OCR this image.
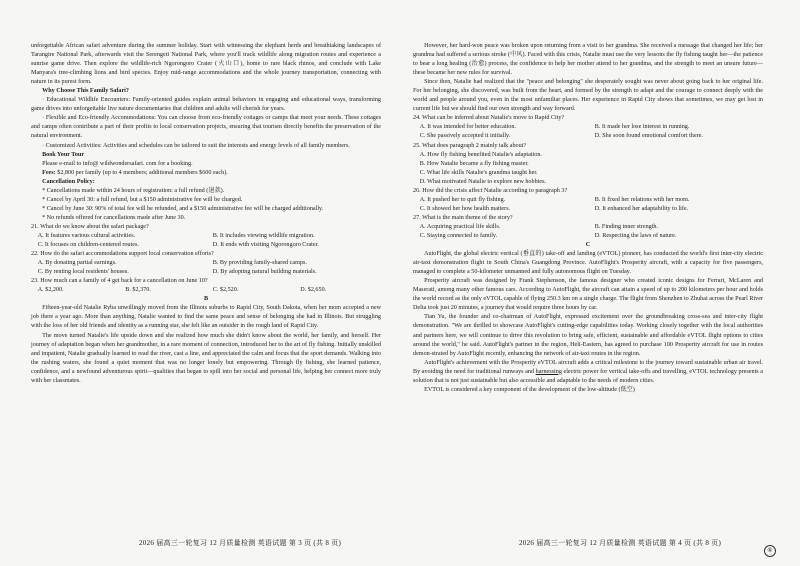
unforgettable African safari adventure during the summer holiday. Start with witnessing the elephant herds and breathtaking landscapes of Tarangire National Park, afterwards visit the Serengeti National Park, where you'll track wildlife along migration routes and experience a sunrise game drive. Then explore the wildlife-rich Ngorongoro Crater (火山口), home to rare black rhinos, and conclude with Lake Manyara's tree-climbing lions and bird species. Enjoy mid-range accommodations and the whole journey transportation, connecting with nature in its purest form.

Why Choose This Family Safari?

· Educational Wildlife Encounters: Family-oriented guides explain animal behaviors in engaging and educational ways, transforming game drives into unforgettable live nature documentaries that children and adults will cherish for years.

· Flexible and Eco-friendly Accommodations: You can choose from eco-friendly cottages or camps that meet your needs. These cottages and camps often contribute a part of their profits to local conservation projects, ensuring that tourism directly benefits the preservation of the natural environment.

· Customized Activities: Activities and schedules can be tailored to suit the interests and energy levels of all family members.

Book Your Tour

Please e-mail to info@ wildwondersafari. com for a booking.

Fees: $2,800 per family (up to 4 members; additional members $600 each).

Cancellation Policy:

* Cancellations made within 24 hours of registration: a full refund (退款).

* Cancel by April 30: a full refund, but a $150 administrative fee will be charged.

* Cancel by June 30: 90% of total fee will be refunded, and a $150 administrative fee will be charged additionally.

* No refunds offered for cancellations made after June 30.

21. What do we know about the safari package?

A. It features various cultural activities.	B. It includes viewing wildlife migration.
C. It focuses on children-centered routes.	D. It ends with visiting Ngorongoro Crater.

22. How do the safari accommodations support local conservation efforts?

A. By donating partial earnings.	B. By providing family-shared camps.
C. By renting local residents' houses.	D. By adopting natural building materials.

23. How much can a family of 4 get back for a cancellation on June 10?

A. $2,200.	B. $2,370.	C. $2,520.	D. $2,650.

B

Fifteen-year-old Natalie Ryba unwillingly moved from the Illinois suburbs to Rapid City, South Dakota, when her mom accepted a new job there a year ago. More than anything, Natalie wanted to find the same peace and sense of belonging she had in Illinois. But struggling with the loss of her old friends and identity as a running star, she felt like an outsider in the rough land of Rapid City.

The move turned Natalie's life upside down and she realized how much she didn't know about the world, her family, and herself. Her journey of adaptation began when her grandmother, in a rare moment of connection, introduced her to the art of fly fishing. Initially unskilled and impatient, Natalie gradually learned to read the river, cast a line, and appreciated the calm and focus that the sport demands. Walking into the rushing waters, she found a quiet moment that was no longer lonely but empowering. Through fly fishing, she learned patience, confidence, and a newfound adventurous spirit—qualities that began to spill into her social and personal life, helping her connect more truly with her classmates.

However, her hard-won peace was broken upon returning from a visit to her grandma. She received a message that changed her life; her grandma had suffered a serious stroke (中风). Faced with this crisis, Natalie must use the very lessons the fly fishing taught her—the patience to bear a long healing (治愈) process, the confidence to help her mother attend to her grandma, and the strength to meet an unsure future—these became her new rules for survival.

Since then, Natalie had realized that the "peace and belonging" she desperately sought was never about going back to her original life. For her belonging, she discovered, was built from the heart, and formed by the strength to adapt and the courage to connect deeply with the world and people around you, even in the most unfamiliar places. Her experience in Rapid City shows that sometimes, we may get lost in current life but we should find our own strength and way forward.

24. What can be inferred about Natalie's move to Rapid City?

A. It was intended for better education.	B. It made her lose interest in running.
C. She passively accepted it initially.	D. She soon found emotional comfort there.

25. What does paragraph 2 mainly talk about?

A. How fly fishing benefited Natalie's adaptation.
B. How Natalie became a fly fishing master.
C. What life skills Natalie's grandma taught her.
D. What motivated Natalie to explore new hobbies.

26. How did the crisis affect Natalie according to paragraph 3?

A. It pushed her to quit fly fishing.	B. It fixed her relations with her mom.
C. It showed her how health matters.	D. It enhanced her adaptability to life.

27. What is the main theme of the story?

A. Acquiring practical life skills.	B. Finding inner strength.
C. Staying connected to family.	D. Respecting the laws of nature.

C

AutoFlight, the global electric vertical (垂直的) take-off and landing (eVTOL) pioneer, has conducted the world's first inter-city electric air-taxi demonstration flight in South China's Guangdong Province. AutoFlight's Prosperity aircraft, with a capacity for five passengers, managed to complete a 50-kilometer unmanned and fully autonomous flight on Tuesday.

Prosperity aircraft was designed by Frank Stephenson, the famous designer who created iconic designs for Ferrari, McLaren and Maserati, among many other famous cars. According to AutoFlight, the aircraft can attain a speed of up to 200 kilometers per hour and holds the world record as the only eVTOL capable of flying 250.3 km on a single charge. The flight from Shenzhen to Zhuhai across the Pearl River Delta took just 20 minutes, a journey that would require three hours by car.

Tian Yu, the founder and co-chairman of AutoFlight, expressed excitement over the groundbreaking cross-sea and inter-city flight demonstration. "We are thrilled to showcase AutoFlight's cutting-edge capabilities today. Working closely together with the local authorities and partners here, we will continue to drive this revolution to bring safe, efficient, sustainable and affordable eVTOL flight options to cities around the world," he said. AutoFlight's partner in the region, Heli-Eastern, has agreed to purchase 100 Prosperity aircraft for use in routes demon-strated by AutoFlight recently, enhancing the network of air-taxi routes in the region.

AutoFlight's achievement with the Prosperity eVTOL aircraft adds a critical milestone to the journey toward sustainable urban air travel. By avoiding the need for traditional runways and harnessing electric power for vertical take-offs and travelling, eVTOL technology presents a solution that is not just sustainable but also accessible and adaptable to the needs of modern cities.

EVTOL is considered a key component of the development of the low-altitude (低空)

2026 届高三一轮复习 12 月质量检测 英语试题 第 3 页 (共 8 页)	2026 届高三一轮复习 12 月质量检测 英语试题 第 4 页 (共 8 页)
⑥
